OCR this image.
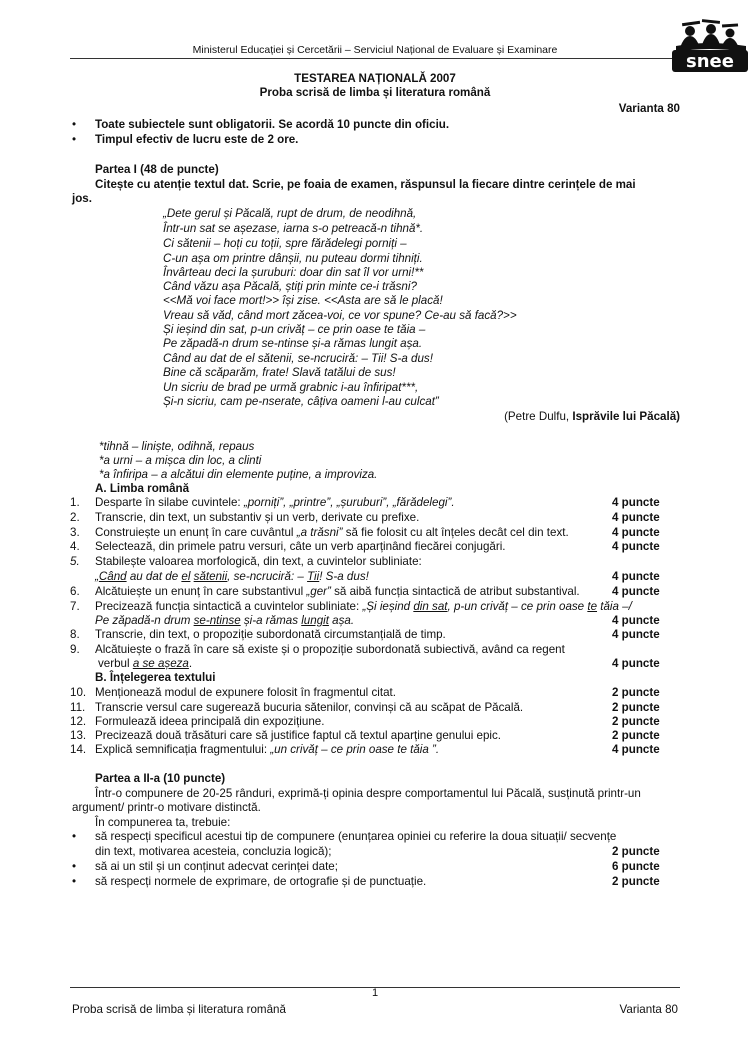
Ministerul Educației și Cercetării – Serviciul Național de Evaluare și Examinare
snee
TESTAREA NAȚIONALĂ 2007
Proba scrisă de limba și literatura română
Varianta 80
• Toate subiectele sunt obligatorii. Se acordă 10 puncte din oficiu.
• Timpul efectiv de lucru este de 2 ore.
Partea I (48 de puncte)
Citește cu atenție textul dat. Scrie, pe foaia de examen, răspunsul la fiecare dintre cerințele de mai
jos.
„Dete gerul și Păcală, rupt de drum, de neodihnă,
Într-un sat se așezase, iarna s-o petreacă-n tihnă*.
Ci sătenii – hoți cu toții, spre fărădelegi porniți –
C-un așa om printre dânșii, nu puteau dormi tihniți.
Învârteau deci la șuruburi: doar din sat îl vor urni!**
Când văzu așa Păcală, știți prin minte ce-i trăsni?
<<Mă voi face mort!>> își zise. <<Asta are să le placă!
Vreau să văd, când mort zăcea-voi, ce vor spune? Ce-au să facă?>>
Și ieșind din sat, p-un crivăț – ce prin oase te tăia –
Pe zăpadă-n drum se-ntinse și-a rămas lungit așa.
Când au dat de el sătenii, se-ncruciră: – Tii! S-a dus!
Bine că scăparăm, frate! Slavă tatălui de sus!
Un sicriu de brad pe urmă grabnic i-au înfiripat***,
Și-n sicriu, cam pe-nserate, câțiva oameni l-au culcat”
(Petre Dulfu, Isprăvile lui Păcală)
*tihnă – liniște, odihnă, repaus
*a urni – a mișca din loc, a clinti
*a înfiripa – a alcătui din elemente puține, a improviza.
A. Limba română
1.	Desparte în silabe cuvintele: „porniți”, „printre”, „șuruburi”, „fărădelegi”.	4 puncte
2.	Transcrie, din text, un substantiv și un verb, derivate cu prefixe.	4 puncte
3.	Construiește un enunț în care cuvântul „a trăsni” să fie folosit cu alt înțeles decât cel din text.	4 puncte
4.	Selectează, din primele patru versuri, câte un verb aparținând fiecărei conjugări.	4 puncte
5.	Stabilește valoarea morfologică, din text, a cuvintelor subliniate:
„Când au dat de el sătenii, se-ncruciră: – Tii! S-a dus!	4 puncte
6.	Alcătuiește un enunț în care substantivul „ger” să aibă funcția sintactică de atribut substantival.	4 puncte
7.	Precizează funcția sintactică a cuvintelor subliniate: „Și ieșind din sat, p-un crivăț – ce prin oase te tăia –/
Pe zăpadă-n drum se-ntinse și-a rămas lungit așa.	4 puncte
8.	Transcrie, din text, o propoziție subordonată circumstanțială de timp.	4 puncte
9.	Alcătuiește o frază în care să existe și o propoziție subordonată subiectivă, având ca regent
verbul a se așeza.	4 puncte
B. Înțelegerea textului
10. Menționează modul de expunere folosit în fragmentul citat.	2 puncte
11. Transcrie versul care sugerează bucuria sătenilor, convinși că au scăpat de Păcală.	2 puncte
12. Formulează ideea principală din expozițiune.	2 puncte
13. Precizează două trăsături care să justifice faptul că textul aparține genului epic.	2 puncte
14. Explică semnificația fragmentului: „un crivăț – ce prin oase te tăia ”.	4 puncte
Partea a II-a (10 puncte)
Într-o compunere de 20-25 rânduri, exprimă-ți opinia despre comportamentul lui Păcală, susținută printr-un
argument/ printr-o motivare distinctă.
În compunerea ta, trebuie:
• să respecți specificul acestui tip de compunere (enunțarea opiniei cu referire la doua situații/ secvențe
din text, motivarea acesteia, concluzia logică);	2 puncte
• să ai un stil și un conținut adecvat cerinței date;	6 puncte
• să respecți normele de exprimare, de ortografie și de punctuație.	2 puncte
1
Proba scrisă de limba și literatura română	Varianta 80
